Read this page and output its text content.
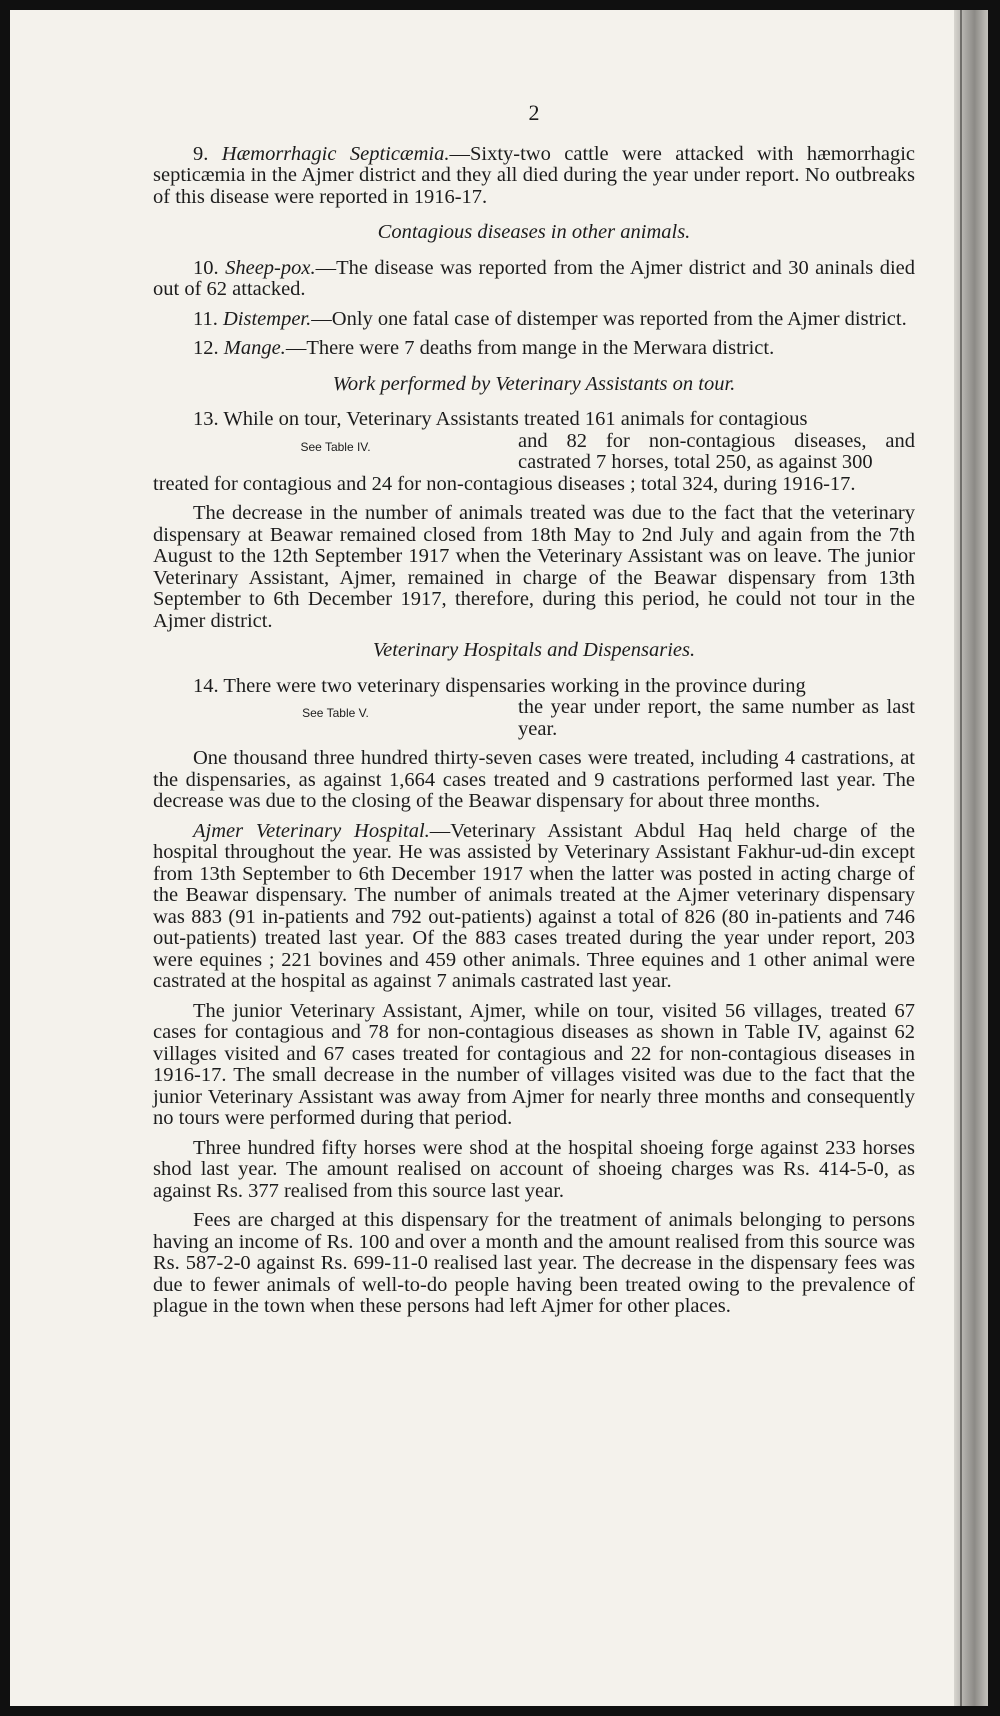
2

9. Hæmorrhagic Septicæmia.—Sixty-two cattle were attacked with hæmorrhagic septicæmia in the Ajmer district and they all died during the year under report. No outbreaks of this disease were reported in 1916-17.

Contagious diseases in other animals.

10. Sheep-pox.—The disease was reported from the Ajmer district and 30 aninals died out of 62 attacked.

11. Distemper.—Only one fatal case of distemper was reported from the Ajmer district.

12. Mange.—There were 7 deaths from mange in the Merwara district.

Work performed by Veterinary Assistants on tour.

13. While on tour, Veterinary Assistants treated 161 animals for contagious

See Table IV.	and 82 for non-contagious diseases, and castrated 7 horses, total 250, as against 300

treated for contagious and 24 for non-contagious diseases ; total 324, during 1916-17.

The decrease in the number of animals treated was due to the fact that the veterinary dispensary at Beawar remained closed from 18th May to 2nd July and again from the 7th August to the 12th September 1917 when the Veterinary Assistant was on leave. The junior Veterinary Assistant, Ajmer, remained in charge of the Beawar dispensary from 13th September to 6th December 1917, therefore, during this period, he could not tour in the Ajmer district.

Veterinary Hospitals and Dispensaries.

14. There were two veterinary dispensaries working in the province during

See Table V.	the year under report, the same number as last year.

One thousand three hundred thirty-seven cases were treated, including 4 castrations, at the dispensaries, as against 1,664 cases treated and 9 castrations performed last year. The decrease was due to the closing of the Beawar dispensary for about three months.

Ajmer Veterinary Hospital.—Veterinary Assistant Abdul Haq held charge of the hospital throughout the year. He was assisted by Veterinary Assistant Fakhur-ud-din except from 13th September to 6th December 1917 when the latter was posted in acting charge of the Beawar dispensary. The number of animals treated at the Ajmer veterinary dispensary was 883 (91 in-patients and 792 out-patients) against a total of 826 (80 in-patients and 746 out-patients) treated last year. Of the 883 cases treated during the year under report, 203 were equines ; 221 bovines and 459 other animals. Three equines and 1 other animal were castrated at the hospital as against 7 animals castrated last year.

The junior Veterinary Assistant, Ajmer, while on tour, visited 56 villages, treated 67 cases for contagious and 78 for non-contagious diseases as shown in Table IV, against 62 villages visited and 67 cases treated for contagious and 22 for non-contagious diseases in 1916-17. The small decrease in the number of villages visited was due to the fact that the junior Veterinary Assistant was away from Ajmer for nearly three months and consequently no tours were performed during that period.

Three hundred fifty horses were shod at the hospital shoeing forge against 233 horses shod last year. The amount realised on account of shoeing charges was Rs. 414-5-0, as against Rs. 377 realised from this source last year.

Fees are charged at this dispensary for the treatment of animals belonging to persons having an income of Rs. 100 and over a month and the amount realised from this source was Rs. 587-2-0 against Rs. 699-11-0 realised last year. The decrease in the dispensary fees was due to fewer animals of well-to-do people having been treated owing to the prevalence of plague in the town when these persons had left Ajmer for other places.
